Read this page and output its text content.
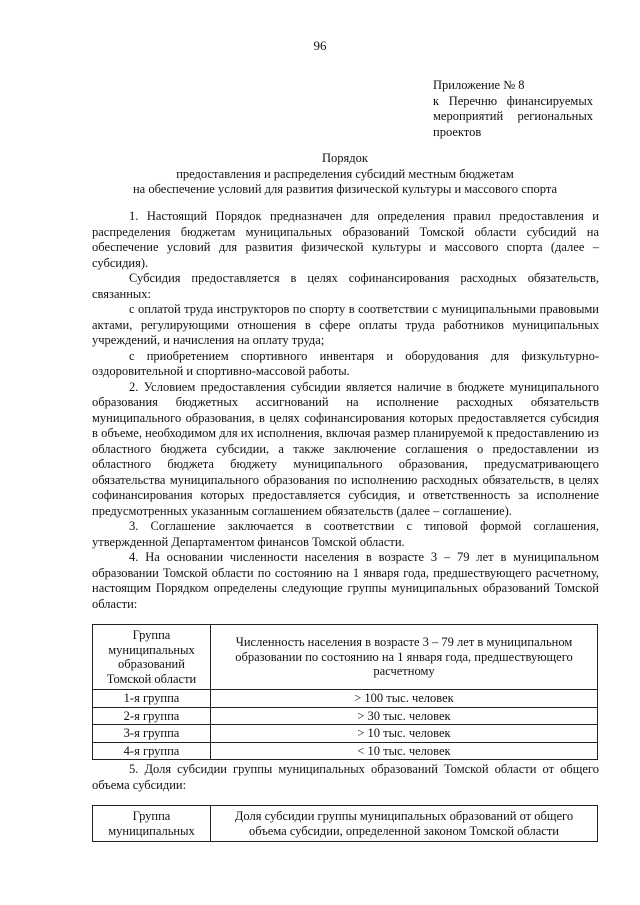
96
Приложение № 8
к Перечню финансируемых
мероприятий региональных
проектов
Порядок
предоставления и распределения субсидий местным бюджетам
на обеспечение условий для развития физической культуры и массового спорта

1. Настоящий Порядок предназначен для определения правил предоставления и распределения бюджетам муниципальных образований Томской области субсидий на обеспечение условий для развития физической культуры и массового спорта (далее – субсидия).

Субсидия предоставляется в целях софинансирования расходных обязательств, связанных:

с оплатой труда инструкторов по спорту в соответствии с муниципальными правовыми актами, регулирующими отношения в сфере оплаты труда работников муниципальных учреждений, и начисления на оплату труда;

с приобретением спортивного инвентаря и оборудования для физкультурно-оздоровительной и спортивно-массовой работы.

2. Условием предоставления субсидии является наличие в бюджете муниципального образования бюджетных ассигнований на исполнение расходных обязательств муниципального образования, в целях софинансирования которых предоставляется субсидия в объеме, необходимом для их исполнения, включая размер планируемой к предоставлению из областного бюджета субсидии, а также заключение соглашения о предоставлении из областного бюджета бюджету муниципального образования, предусматривающего обязательства муниципального образования по исполнению расходных обязательств, в целях софинансирования которых предоставляется субсидия, и ответственность за исполнение предусмотренных указанным соглашением обязательств (далее – соглашение).

3. Соглашение заключается в соответствии с типовой формой соглашения, утвержденной Департаментом финансов Томской области.

4. На основании численности населения в возрасте 3 – 79 лет в муниципальном образовании Томской области по состоянию на 1 января года, предшествующего расчетному, настоящим Порядком определены следующие группы муниципальных образований Томской области:

Группа муниципальных образований Томской области	Численность населения в возрасте 3 – 79 лет в муниципальном образовании по состоянию на 1 января года, предшествующего расчетному
1-я группа	> 100 тыс. человек
2-я группа	> 30 тыс. человек
3-я группа	> 10 тыс. человек
4-я группа	< 10 тыс. человек

5. Доля субсидии группы муниципальных образований Томской области от общего объема субсидии:

Группа муниципальных	Доля субсидии группы муниципальных образований от общего объема субсидии, определенной законом Томской области
